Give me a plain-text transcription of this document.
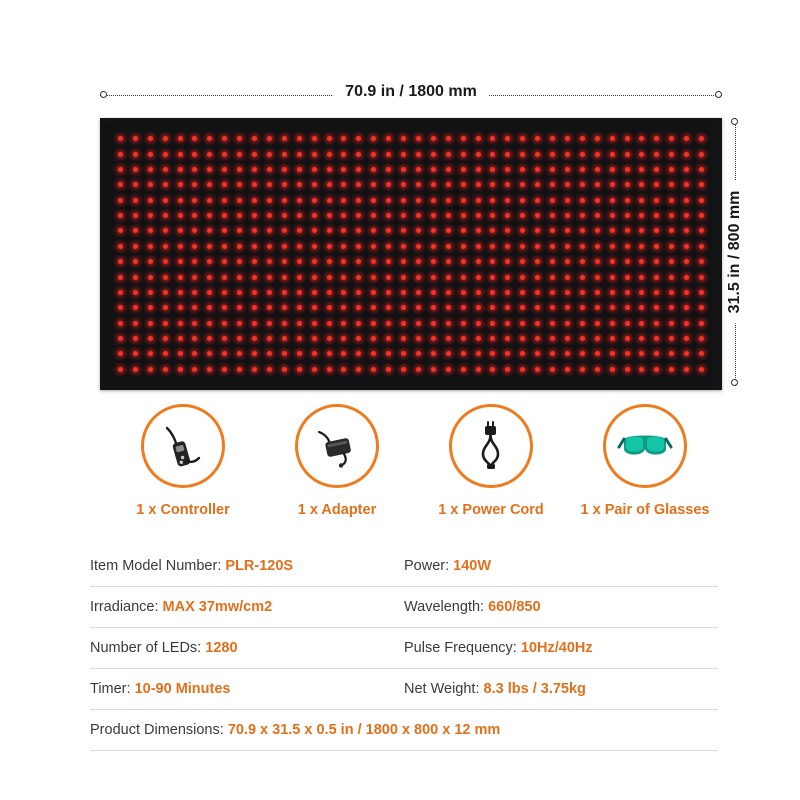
70.9 in / 1800 mm
31.5 in / 800 mm
1 x Controller	1 x Adapter	1 x Power Cord	1 x Pair of Glasses
Item Model Number: PLR-120S	Power: 140W
Irradiance: MAX 37mw/cm2	Wavelength: 660/850
Number of LEDs: 1280	Pulse Frequency: 10Hz/40Hz
Timer: 10-90 Minutes	Net Weight: 8.3 lbs / 3.75kg
Product Dimensions: 70.9 x 31.5 x 0.5 in / 1800 x 800 x 12 mm	
